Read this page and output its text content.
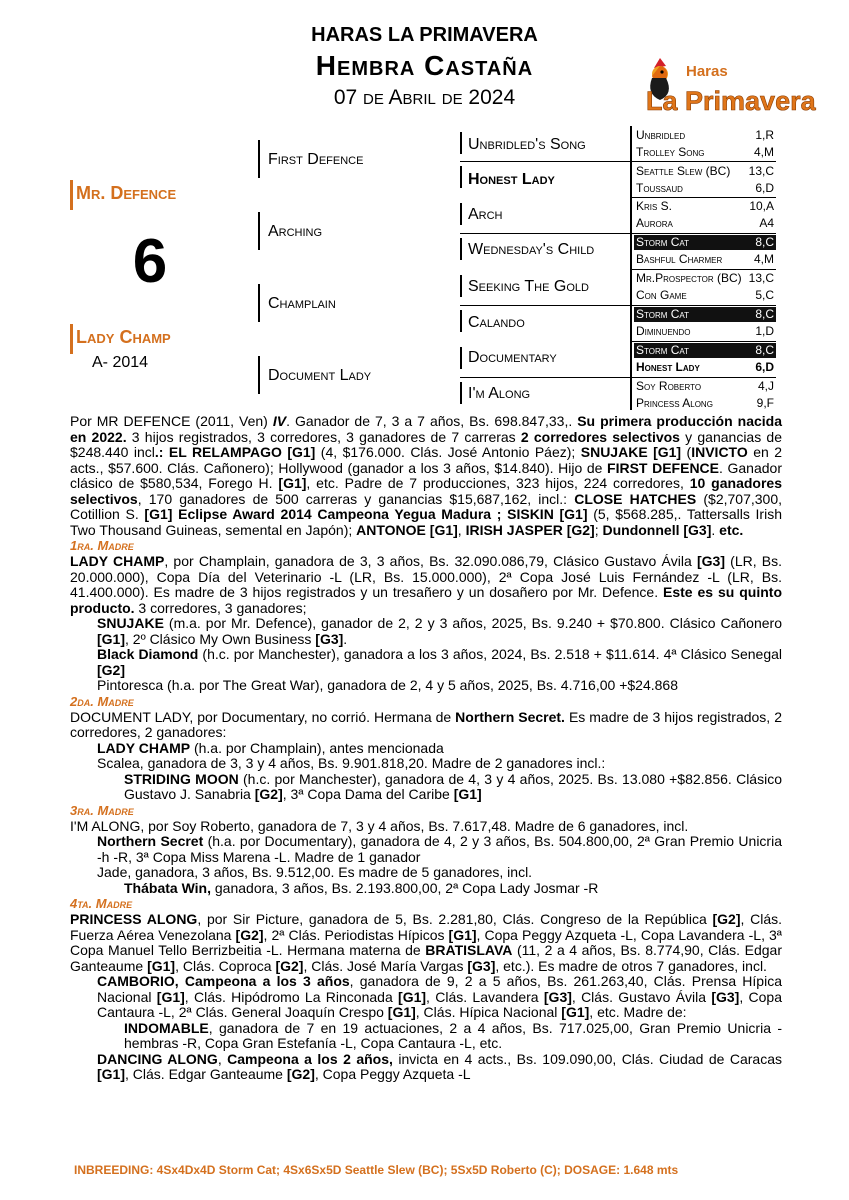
HARAS LA PRIMAVERA
Hembra Castaña
07 de Abril de 2024
Haras
La Primavera
Mr. Defence
6
Lady Champ
A- 2014
First Defence
Arching
Champlain
Document Lady
Unbridled's Song
Honest Lady
Arch
Wednesday's Child
Seeking The Gold
Calando
Documentary
I'm Along
Unbridled	1,R
Trolley Song	4,M
Seattle Slew (BC) 13,C
Toussaud	6,D
Kris S.	10,A
Aurora	A4
Storm Cat	8,C
Bashful Charmer	4,M
Mr.Prospector (BC) 13,C
Con Game	5,C
Storm Cat	8,C
Diminuendo	1,D
Storm Cat	8,C
Honest Lady	6,D
Soy Roberto	4,J
Princess Along	9,F

Por MR DEFENCE (2011, Ven) IV. Ganador de 7, 3 a 7 años, Bs. 698.847,33,. Su primera producción nacida en 2022. 3 hijos registrados, 3 corredores, 3 ganadores de 7 carreras 2 corredores selectivos y ganancias de $248.440 incl.: EL RELAMPAGO [G1] (4, $176.000. Clás. José Antonio Páez); SNUJAKE [G1] (INVICTO en 2 acts., $57.600. Clás. Cañonero); Hollywood (ganador a los 3 años, $14.840). Hijo de FIRST DEFENCE. Ganador clásico de $580,534, Forego H. [G1], etc. Padre de 7 producciones, 323 hijos, 224 corredores, 10 ganadores selectivos, 170 ganadores de 500 carreras y ganancias $15,687,162, incl.: CLOSE HATCHES ($2,707,300, Cotillion S. [G1] Eclipse Award 2014 Campeona Yegua Madura ; SISKIN [G1] (5, $568.285,. Tattersalls Irish Two Thousand Guineas, semental en Japón); ANTONOE [G1], IRISH JASPER [G2]; Dundonnell [G3]. etc.

1ra. Madre

LADY CHAMP, por Champlain, ganadora de 3, 3 años, Bs. 32.090.086,79, Clásico Gustavo Ávila [G3] (LR, Bs. 20.000.000), Copa Día del Veterinario -L (LR, Bs. 15.000.000), 2ª Copa José Luis Fernández -L (LR, Bs. 41.400.000). Es madre de 3 hijos registrados y un tresañero y un dosañero por Mr. Defence. Este es su quinto producto. 3 corredores, 3 ganadores;

SNUJAKE (m.a. por Mr. Defence), ganador de 2, 2 y 3 años, 2025, Bs. 9.240 + $70.800. Clásico Cañonero [G1], 2º Clásico My Own Business [G3].

Black Diamond (h.c. por Manchester), ganadora a los 3 años, 2024, Bs. 2.518 + $11.614. 4ª Clásico Senegal [G2]

Pintoresca (h.a. por The Great War), ganadora de 2, 4 y 5 años, 2025, Bs. 4.716,00 +$24.868

2da. Madre

DOCUMENT LADY, por Documentary, no corrió. Hermana de Northern Secret. Es madre de 3 hijos registrados, 2 corredores, 2 ganadores:

LADY CHAMP (h.a. por Champlain), antes mencionada

Scalea, ganadora de 3, 3 y 4 años, Bs. 9.901.818,20. Madre de 2 ganadores incl.:

STRIDING MOON (h.c. por Manchester), ganadora de 4, 3 y 4 años, 2025. Bs. 13.080 +$82.856. Clásico Gustavo J. Sanabria [G2], 3ª Copa Dama del Caribe [G1]

3ra. Madre

I'M ALONG, por Soy Roberto, ganadora de 7, 3 y 4 años, Bs. 7.617,48. Madre de 6 ganadores, incl.

Northern Secret (h.a. por Documentary), ganadora de 4, 2 y 3 años, Bs. 504.800,00, 2ª Gran Premio Unicria -h -R, 3ª Copa Miss Marena -L. Madre de 1 ganador

Jade, ganadora, 3 años, Bs. 9.512,00. Es madre de 5 ganadores, incl.

Thábata Win, ganadora, 3 años, Bs. 2.193.800,00, 2ª Copa Lady Josmar -R

4ta. Madre

PRINCESS ALONG, por Sir Picture, ganadora de 5, Bs. 2.281,80, Clás. Congreso de la República [G2], Clás. Fuerza Aérea Venezolana [G2], 2ª Clás. Periodistas Hípicos [G1], Copa Peggy Azqueta -L, Copa Lavandera -L, 3ª Copa Manuel Tello Berrizbeitia -L. Hermana materna de BRATISLAVA (11, 2 a 4 años, Bs. 8.774,90, Clás. Edgar Ganteaume [G1], Clás. Coproca [G2], Clás. José María Vargas [G3], etc.). Es madre de otros 7 ganadores, incl.

CAMBORIO, Campeona a los 3 años, ganadora de 9, 2 a 5 años, Bs. 261.263,40, Clás. Prensa Hípica Nacional [G1], Clás. Hipódromo La Rinconada [G1], Clás. Lavandera [G3], Clás. Gustavo Ávila [G3], Copa Cantaura -L, 2ª Clás. General Joaquín Crespo [G1], Clás. Hípica Nacional [G1], etc. Madre de:

INDOMABLE, ganadora de 7 en 19 actuaciones, 2 a 4 años, Bs. 717.025,00, Gran Premio Unicria -hembras -R, Copa Gran Estefanía -L, Copa Cantaura -L, etc.

DANCING ALONG, Campeona a los 2 años, invicta en 4 acts., Bs. 109.090,00, Clás. Ciudad de Caracas [G1], Clás. Edgar Ganteaume [G2], Copa Peggy Azqueta -L

INBREEDING: 4Sx4Dx4D Storm Cat; 4Sx6Sx5D Seattle Slew (BC); 5Sx5D Roberto (C); DOSAGE: 1.648 mts
